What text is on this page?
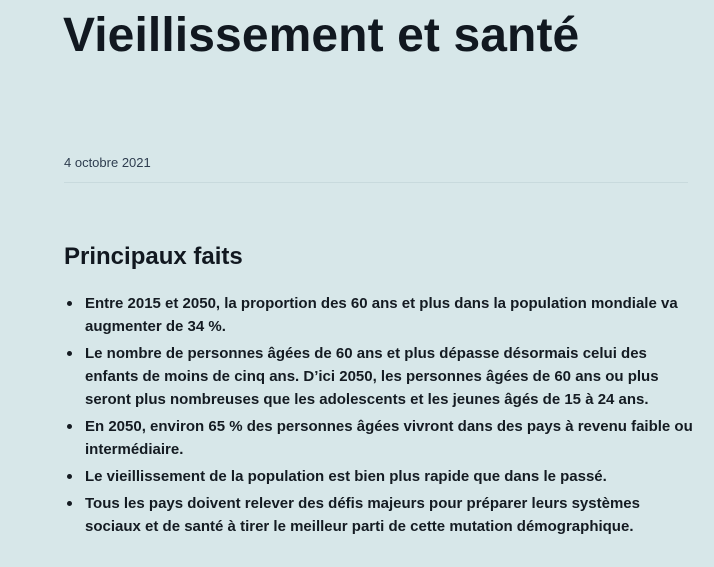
Vieillissement et santé
4 octobre 2021
Principaux faits
Entre 2015 et 2050, la proportion des 60 ans et plus dans la population mondiale va augmenter de 34 %.
Le nombre de personnes âgées de 60 ans et plus dépasse désormais celui des enfants de moins de cinq ans. D’ici 2050, les personnes âgées de 60 ans ou plus seront plus nombreuses que les adolescents et les jeunes âgés de 15 à 24 ans.
En 2050, environ 65 % des personnes âgées vivront dans des pays à revenu faible ou intermédiaire.
Le vieillissement de la population est bien plus rapide que dans le passé.
Tous les pays doivent relever des défis majeurs pour préparer leurs systèmes sociaux et de santé à tirer le meilleur parti de cette mutation démographique.
